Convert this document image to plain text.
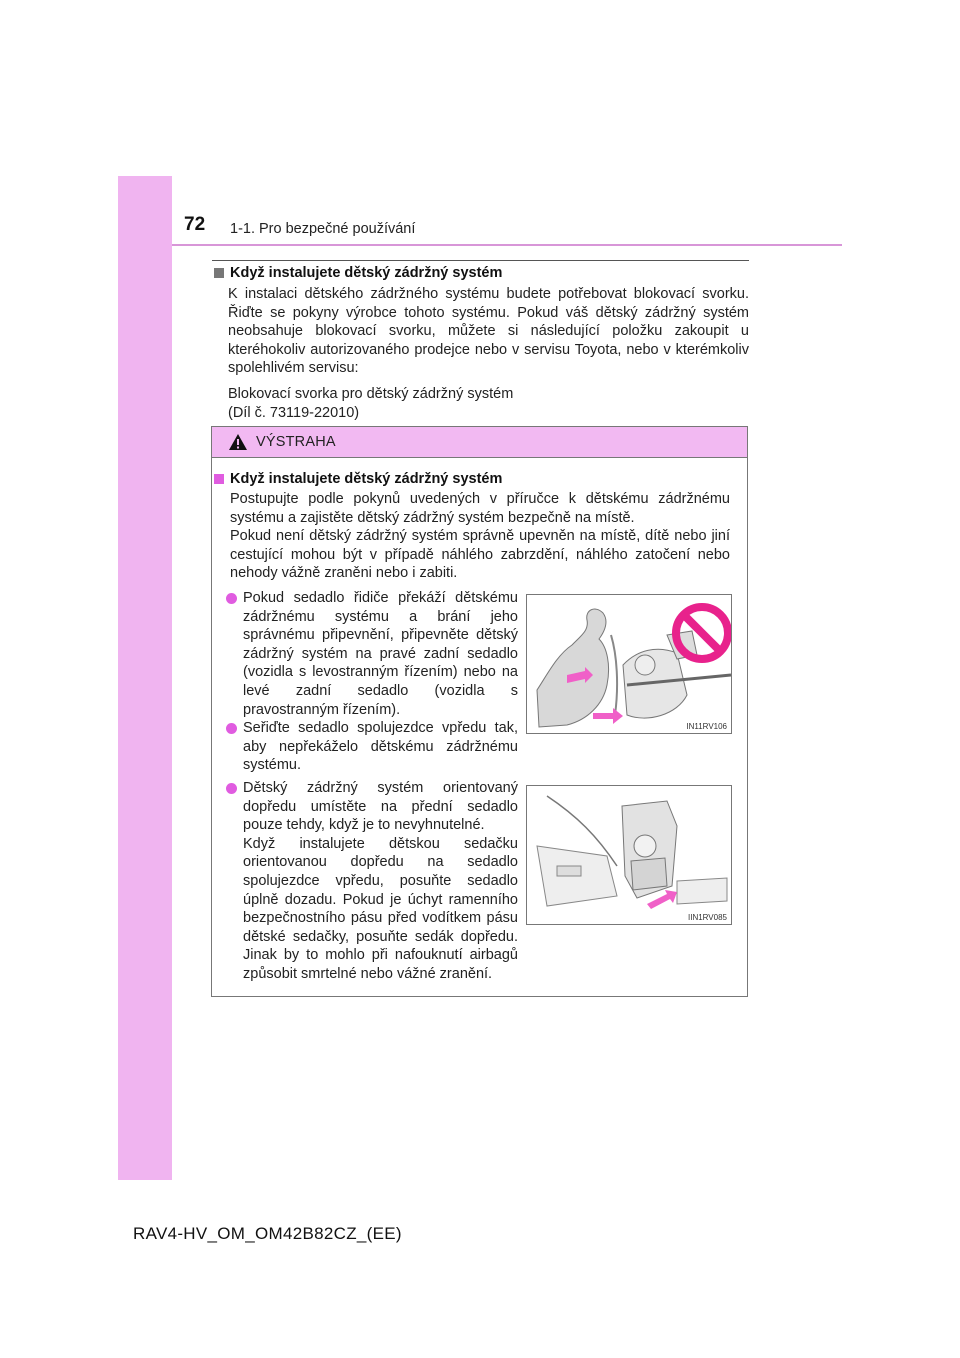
72 1-1. Pro bezpečné používání
Když instalujete dětský zádržný systém
K instalaci dětského zádržného systému budete potřebovat blokovací svorku. Řiďte se pokyny výrobce tohoto systému. Pokud váš dětský zádržný systém neobsahuje blokovací svorku, můžete si následující položku zakoupit u kteréhokoliv autorizovaného prodejce nebo v servisu Toyota, nebo v kterémkoliv spolehlivém servisu:
Blokovací svorka pro dětský zádržný systém
(Díl č. 73119-22010)
VÝSTRAHA
Když instalujete dětský zádržný systém
Postupujte podle pokynů uvedených v příručce k dětskému zádržnému systému a zajistěte dětský zádržný systém bezpečně na místě.
Pokud není dětský zádržný systém správně upevněn na místě, dítě nebo jiní cestující mohou být v případě náhlého zabrzdění, náhlého zatočení nebo nehody vážně zraněni nebo i zabiti.
Pokud sedadlo řidiče překáží dětskému zádržnému systému a brání jeho správnému připevnění, připevněte dětský zádržný systém na pravé zadní sedadlo (vozidla s levostranným řízením) nebo na levé zadní sedadlo (vozidla s pravostranným řízením).
Seřiďte sedadlo spolujezdce vpředu tak, aby nepřekáželo dětskému zádržnému systému.
Dětský zádržný systém orientovaný dopředu umístěte na přední sedadlo pouze tehdy, když je to nevyhnutelné.
Když instalujete dětskou sedačku orientovanou dopředu na sedadlo spolujezdce vpředu, posuňte sedadlo úplně dozadu. Pokud je úchyt ramenního bezpečnostního pásu před vodítkem pásu dětské sedačky, posuňte sedák dopředu. Jinak by to mohlo při nafouknutí airbagů způsobit smrtelné nebo vážné zranění.
IN11RV106
IIN1RV085
RAV4-HV_OM_OM42B82CZ_(EE)
